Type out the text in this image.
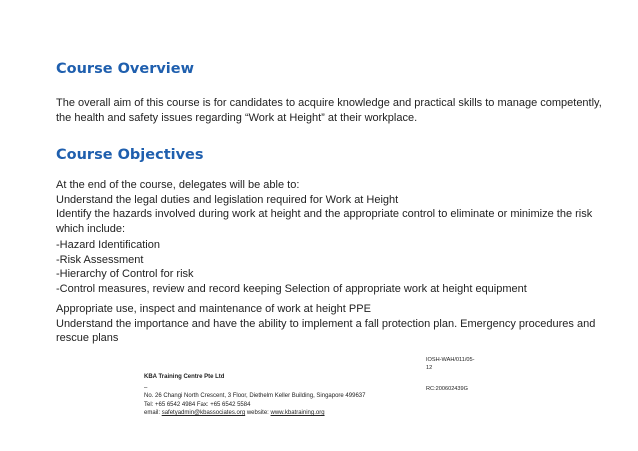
Course Overview

The overall aim of this course is for candidates to acquire knowledge and practical skills to manage competently,
the health and safety issues regarding “Work at Height” at their workplace.

Course Objectives

At the end of the course, delegates will be able to:
Understand the legal duties and legislation required for Work at Height
Identify the hazards involved during work at height and the appropriate control to eliminate or minimize the risk
which include:

-Hazard Identification
-Risk Assessment
-Hierarchy of Control for risk
-Control measures, review and record keeping Selection of appropriate work at height equipment

Appropriate use, inspect and maintenance of work at height PPE
Understand the importance and have the ability to implement a fall protection plan. Emergency procedures and
rescue plans

KBA Training Centre Pte Ltd
–
No. 26 Changi North Crescent, 3 Floor, Diethelm Keller Building, Singapore 499637
Tel: +65 6542 4984 Fax: +65 6542 5584
email: safetyadmin@kbassociates.org website: www.kbatraining.org
IOSH-WAH/011/05-
12
RC:200602439G
